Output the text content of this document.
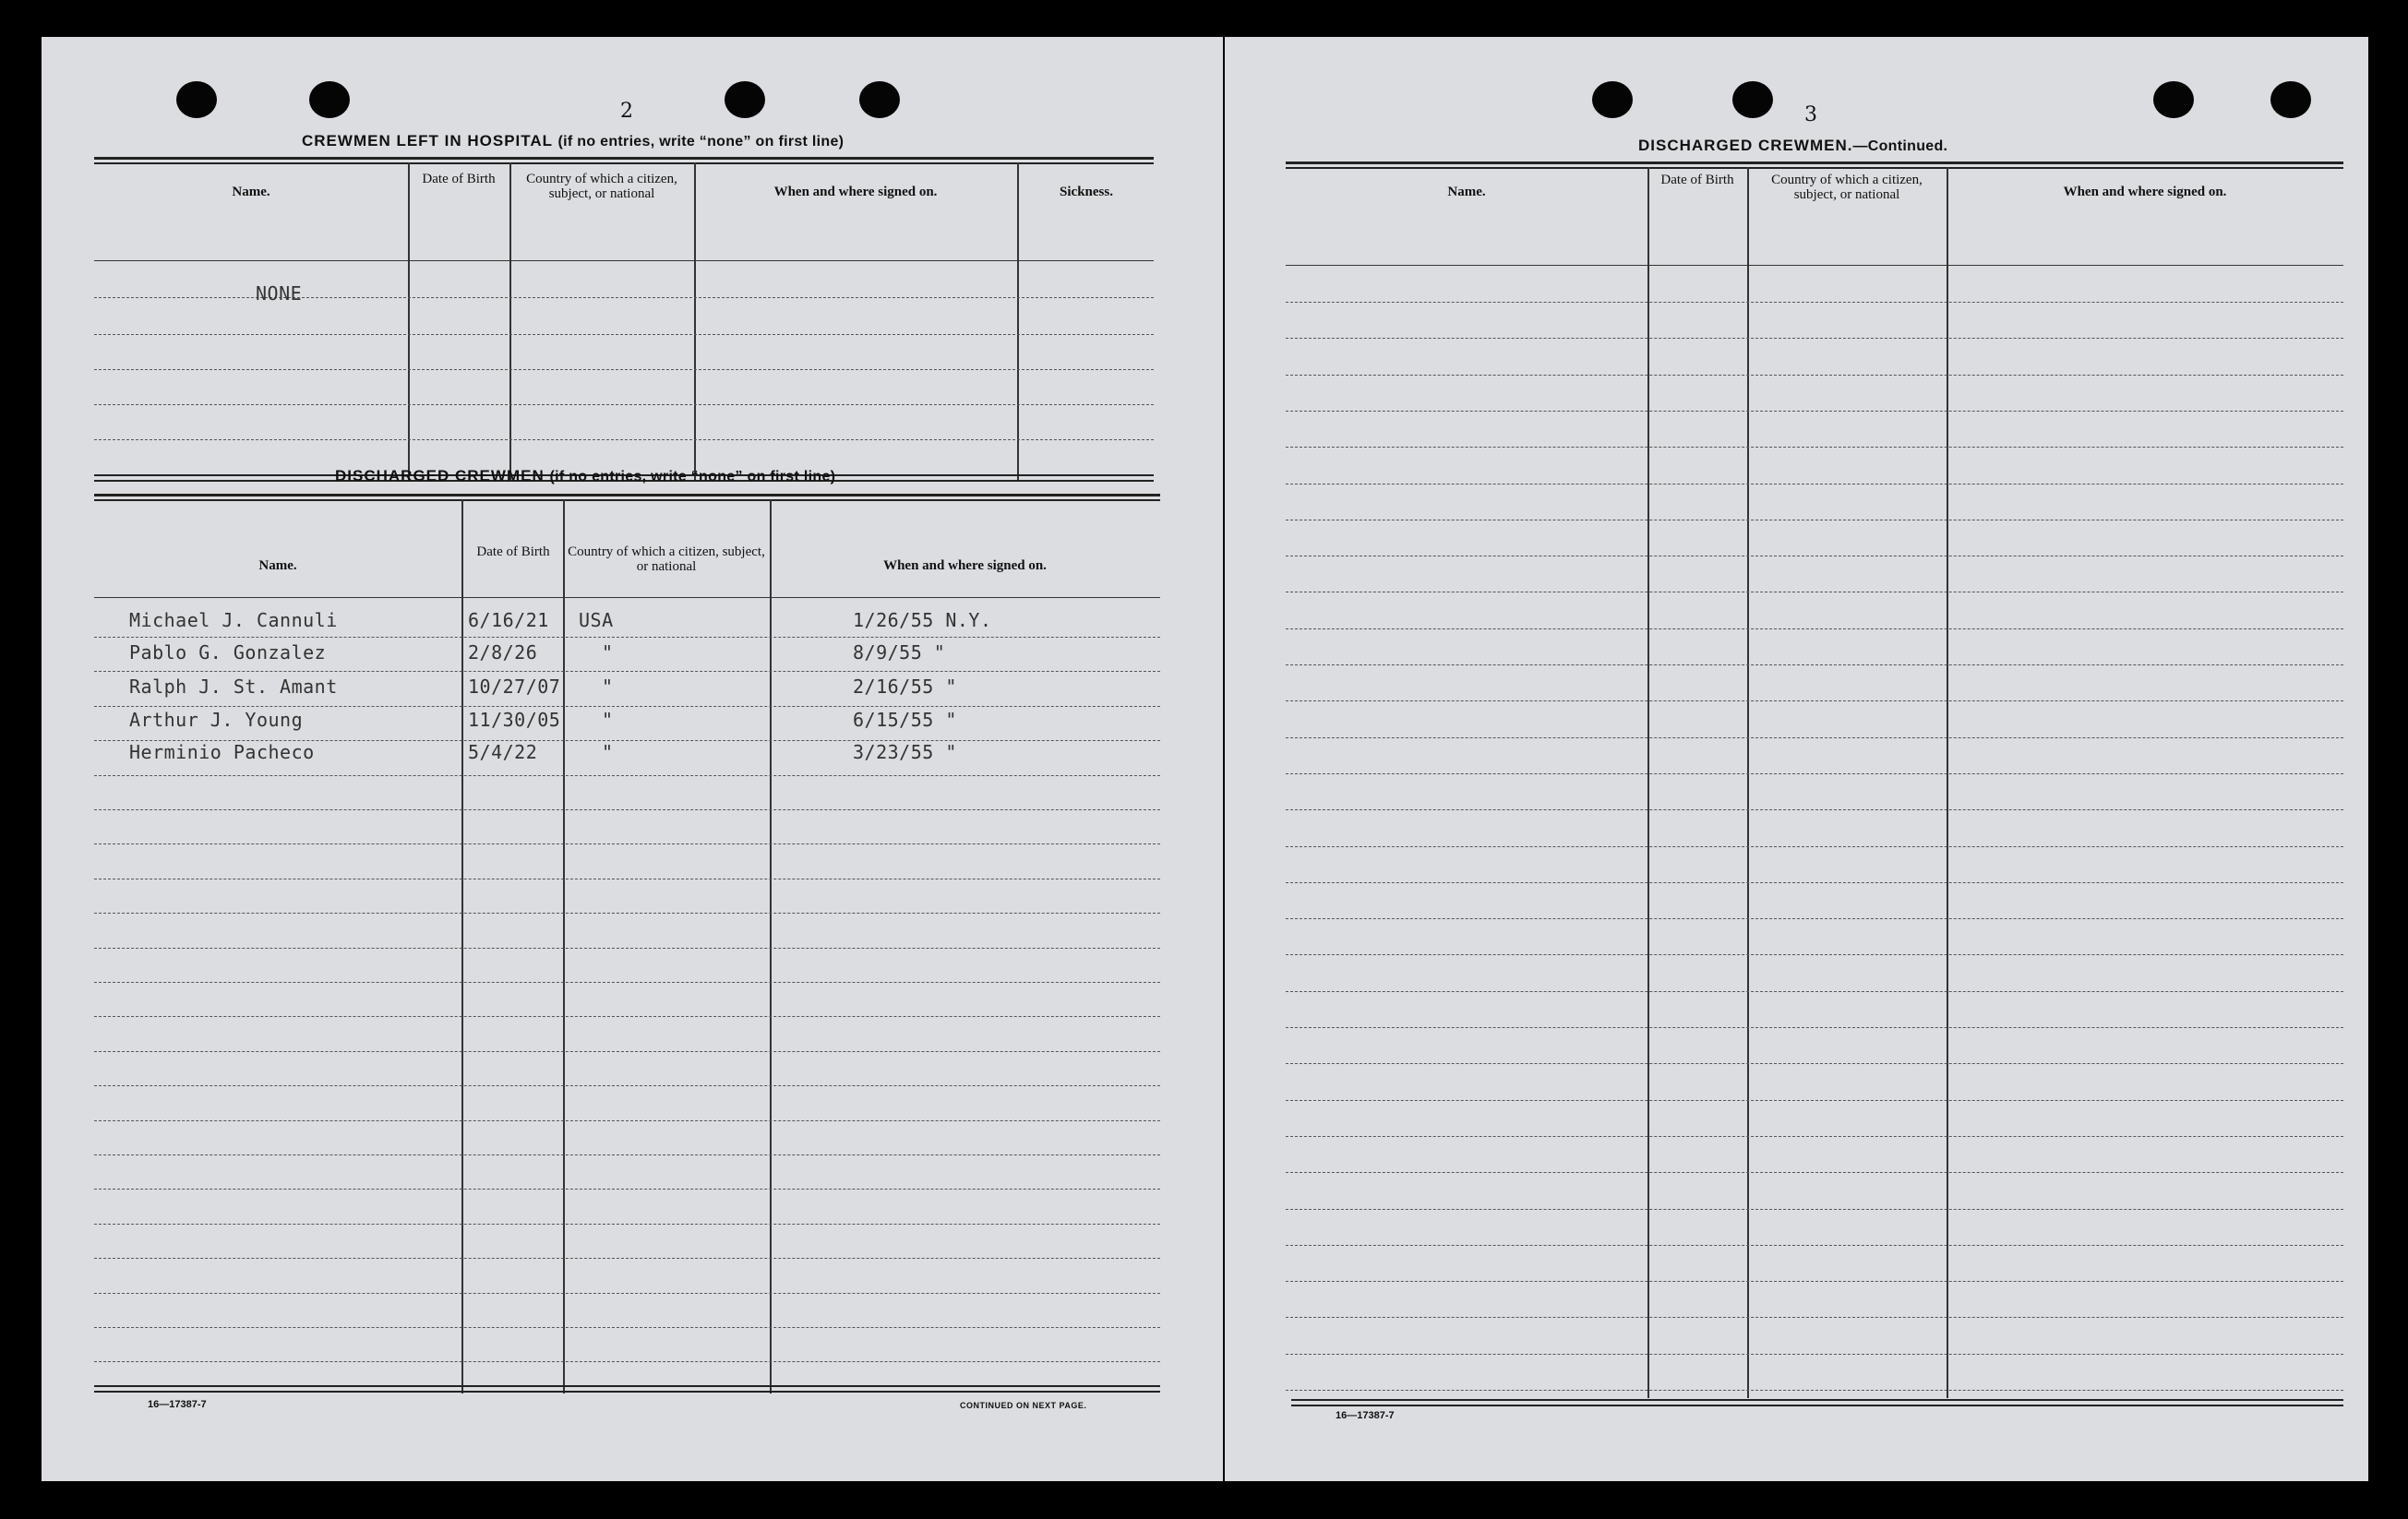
2
CREWMEN LEFT IN HOSPITAL (if no entries, write “none” on first line)
Name.
Date of Birth	Country of which a citizen, subject, or national	When and where signed on.	Sickness.
NONE
DISCHARGED CREWMEN (if no entries, write “none” on first line)
Name.
Date of Birth	Country of which a citizen, subject, or national	When and where signed on.
Michael J. Cannuli	6/16/21 USA	1/26/55 N.Y.
Pablo G. Gonzalez	2/8/26	"	8/9/55 "
Ralph J. St. Amant	10/27/07 "	2/16/55 "
Arthur J. Young	11/30/05 "	6/15/55 "
Herminio Pacheco	5/4/22	"	3/23/55 "
16—17387-7	CONTINUED ON NEXT PAGE.
3
DISCHARGED CREWMEN.—Continued.
Name.
Date of Birth	Country of which a citizen, subject, or national	When and where signed on.
16—17387-7
